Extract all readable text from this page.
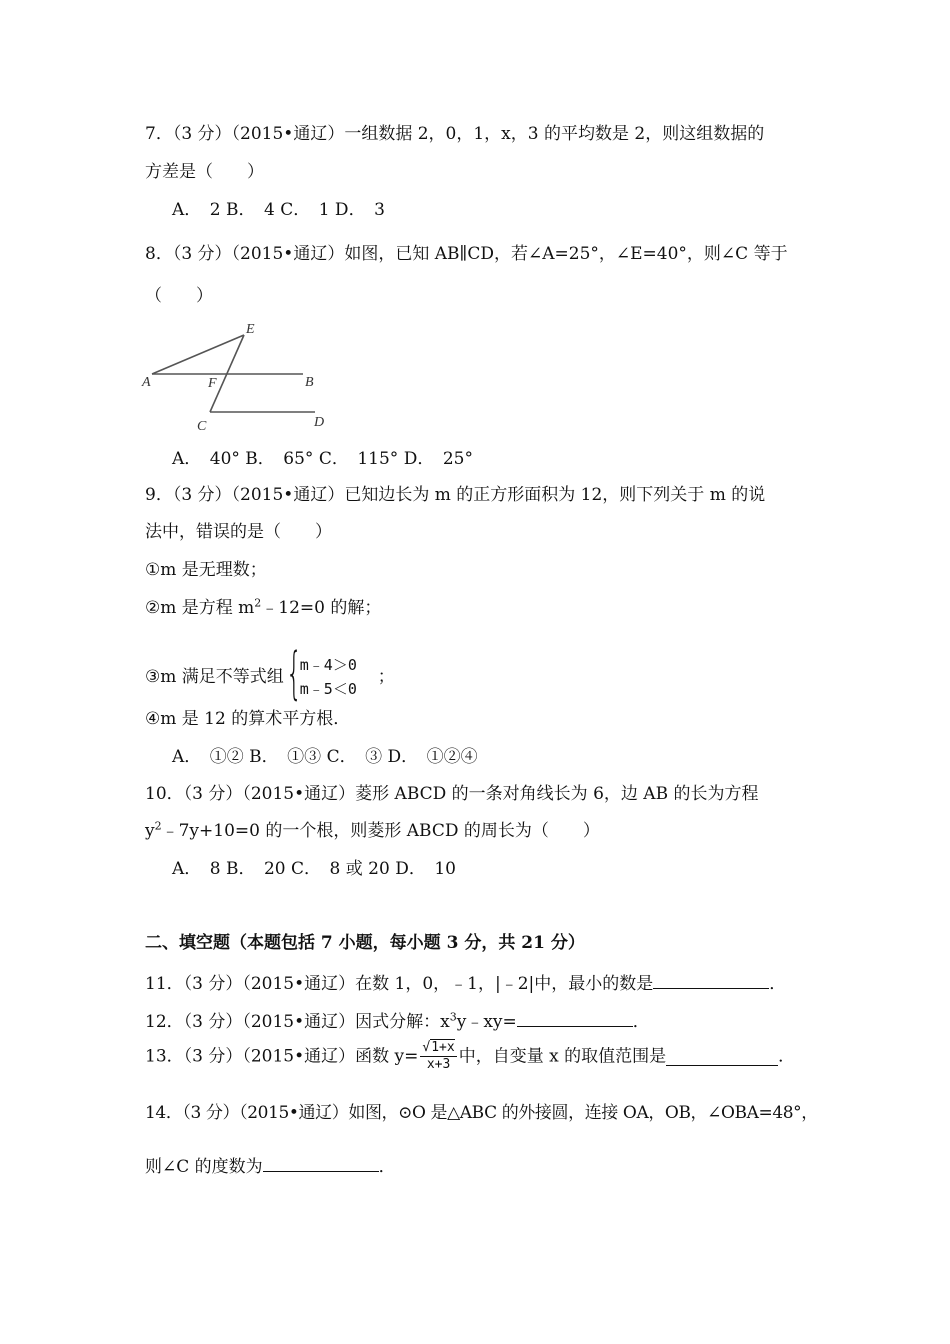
7．（3 分）（2015•通辽）一组数据 2，0，1，x，3 的平均数是 2，则这组数据的
方差是（　　）
A．　2 B．　4 C．　1 D．　3
8．（3 分）（2015•通辽）如图，已知 AB∥CD，若∠A=25°，∠E=40°，则∠C 等于
（　　）
E
A	F	B
C	D
A．　40° B．　65° C．　115° D．　25°
9．（3 分）（2015•通辽）已知边长为 m 的正方形面积为 12，则下列关于 m 的说
法中，错误的是（　　）
①m 是无理数；
②m 是方程 $m^2﹣12=0$ 的解；
③m 满足不等式组 {
m﹣4＞0
m﹣5＜0
；
④m 是 12 的算术平方根．
A．　①② B．　①③ C．　③ D．　①②④
10．（3 分）（2015•通辽）菱形 ABCD 的一条对角线长为 6，边 AB 的长为方程
$y^2﹣7y+10=0$ 的一个根，则菱形 ABCD 的周长为（　　）
A．　8 B．　20 C．　8 或 20 D．　10
二、填空题（本题包括 7 小题，每小题 3 分，共 21 分）
11．（3 分）（2015•通辽）在数 1，0，﹣1，|﹣2|中，最小的数是	．
12．（3 分）（2015•通辽）因式分解：$x^3y﹣xy=$	．
13．（3 分）（2015•通辽）函数 $y= \frac{√1+x}{x+3}$ 中，自变量 x 的取值范围是	．
14．（3 分）（2015•通辽）如图，⊙O 是△ABC 的外接圆，连接 OA，OB，∠OBA=48°，
则∠C 的度数为	．
